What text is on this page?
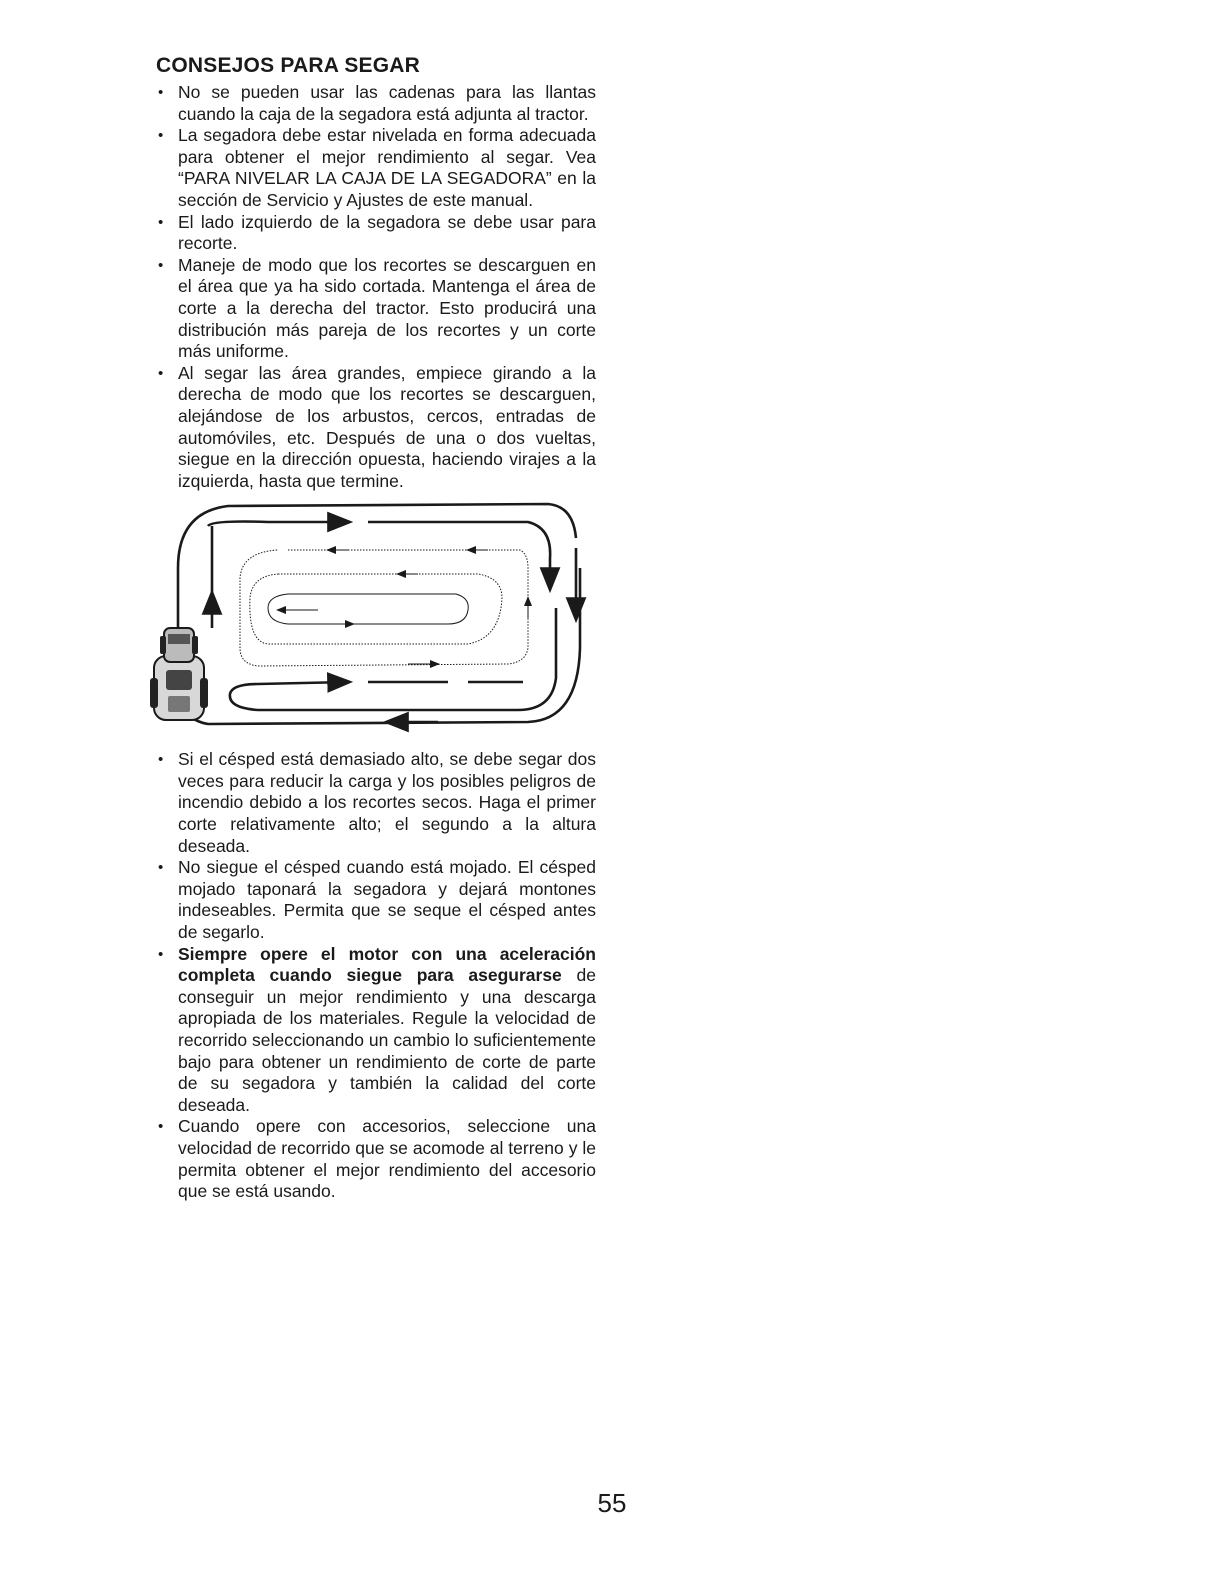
CONSEJOS PARA SEGAR
• No se pueden usar las cadenas para las llantas cuando la caja de la segadora está adjunta al tractor.
• La segadora debe estar nivelada en forma adecuada para obtener el mejor rendimiento al segar. Vea “PARA NIVELAR LA CAJA DE LA SEGADORA” en la sección de Servicio y Ajustes de este manual.
• El lado izquierdo de la segadora se debe usar para recorte.
• Maneje de modo que los recortes se descarguen en el área que ya ha sido cortada. Mantenga el área de corte a la derecha del tractor. Esto producirá una distribución más pareja de los recortes y un corte más uniforme.
• Al segar las área grandes, empiece girando a la derecha de modo que los recortes se descarguen, alejándose de los arbustos, cercos, entradas de automóviles, etc. Después de una o dos vueltas, siegue en la dirección opuesta, haciendo virajes a la izquierda, hasta que termine.
• Si el césped está demasiado alto, se debe segar dos veces para reducir la carga y los posibles peligros de incendio debido a los recortes secos. Haga el primer corte relativamente alto; el segundo a la altura deseada.
• No siegue el césped cuando está mojado. El césped mojado taponará la segadora y dejará montones indeseables. Permita que se seque el césped antes de segarlo.
• Siempre opere el motor con una aceleración completa cuando siegue para asegurarse de conseguir un mejor rendimiento y una descarga apropiada de los materiales. Regule la velocidad de recorrido seleccionando un cambio lo suficientemente bajo para obtener un rendimiento de corte de parte de su segadora y también la calidad del corte deseada.
• Cuando opere con accesorios, seleccione una velocidad de recorrido que se acomode al terreno y le permita obtener el mejor rendimiento del accesorio que se está usando.
55
